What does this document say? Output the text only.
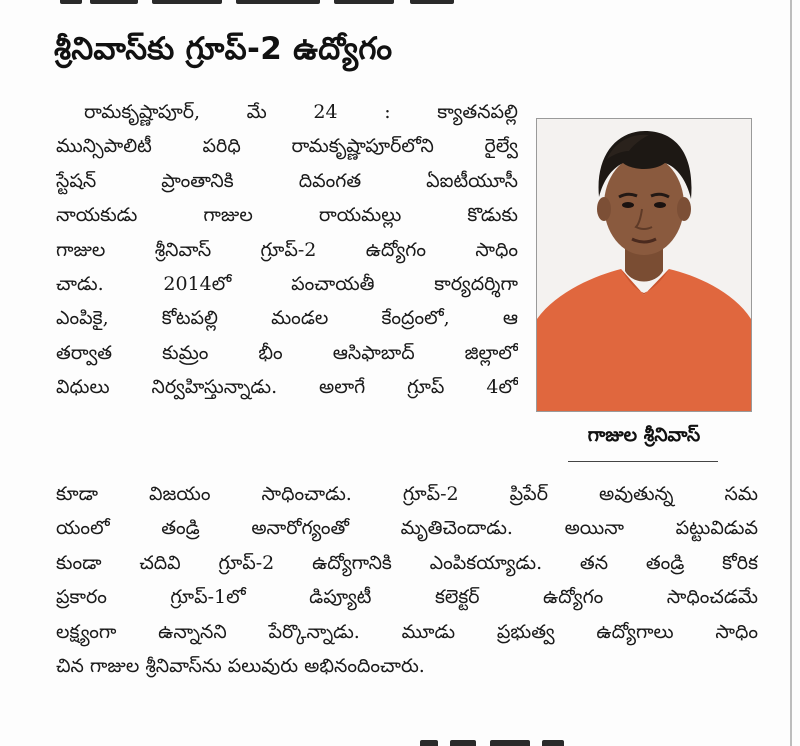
శ్రీనివాస్‌కు గ్రూప్‌-2 ఉద్యోగం
రామకృష్ణాపూర్‌, మే 24 : క్యాతనపల్లి
మున్సిపాలిటీ పరిధి రామకృష్ణాపూర్‌లోని రైల్వే
స్టేషన్‌ ప్రాంతానికి దివంగత ఏఐటీయూసీ
నాయకుడు గాజుల రాయమల్లు కొడుకు
గాజుల శ్రీనివాస్‌ గ్రూప్‌-2 ఉద్యోగం సాధిం
చాడు. 2014లో పంచాయతీ కార్యదర్శిగా
ఎంపికై, కోటపల్లి మండల కేంద్రంలో, ఆ
తర్వాత కుమ్రం భీం ఆసిఫాబాద్‌ జిల్లాలో
విధులు నిర్వహిస్తున్నాడు. అలాగే గ్రూప్‌ 4లో
గాజుల శ్రీనివాస్‌
కూడా విజయం సాధించాడు. గ్రూప్‌-2 ప్రిపేర్‌ అవుతున్న సమ
యంలో తండ్రి అనారోగ్యంతో మృతిచెందాడు. అయినా పట్టువిడువ
కుండా చదివి గ్రూప్‌-2 ఉద్యోగానికి ఎంపికయ్యాడు. తన తండ్రి కోరిక
ప్రకారం గ్రూప్‌-1లో డిప్యూటీ కలెక్టర్‌ ఉద్యోగం సాధించడమే
లక్ష్యంగా ఉన్నానని పేర్కొన్నాడు. మూడు ప్రభుత్వ ఉద్యోగాలు సాధిం
చిన గాజుల శ్రీనివాస్‌ను పలువురు అభినందించారు.
